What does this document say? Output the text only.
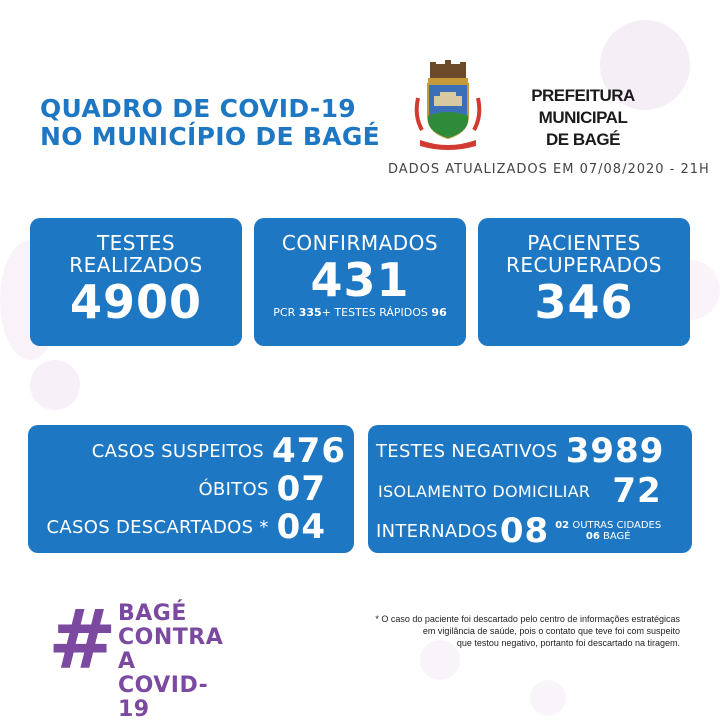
QUADRO DE COVID-19
NO MUNICÍPIO DE BAGÉ
PREFEITURA MUNICIPAL
DE BAGÉ
DADOS ATUALIZADOS EM 07/08/2020 - 21H
TESTES
REALIZADOS
4900
CONFIRMADOS
431
PCR 335+ TESTES RÁPIDOS 96
PACIENTES
RECUPERADOS
346
CASOS SUSPEITOS 476
ÓBITOS 07
CASOS DESCARTADOS * 04
TESTES NEGATIVOS 3989
ISOLAMENTO DOMICILIAR 72
INTERNADOS 08 02 OUTRAS CIDADES
06 BAGÉ
# BAGÉ
CONTRA A
COVID-19
* O caso do paciente foi descartado pelo centro de informações estratégicas
em vigilância de saúde, pois o contato que teve foi com suspeito
que testou negativo, portanto foi descartado na tiragem.
